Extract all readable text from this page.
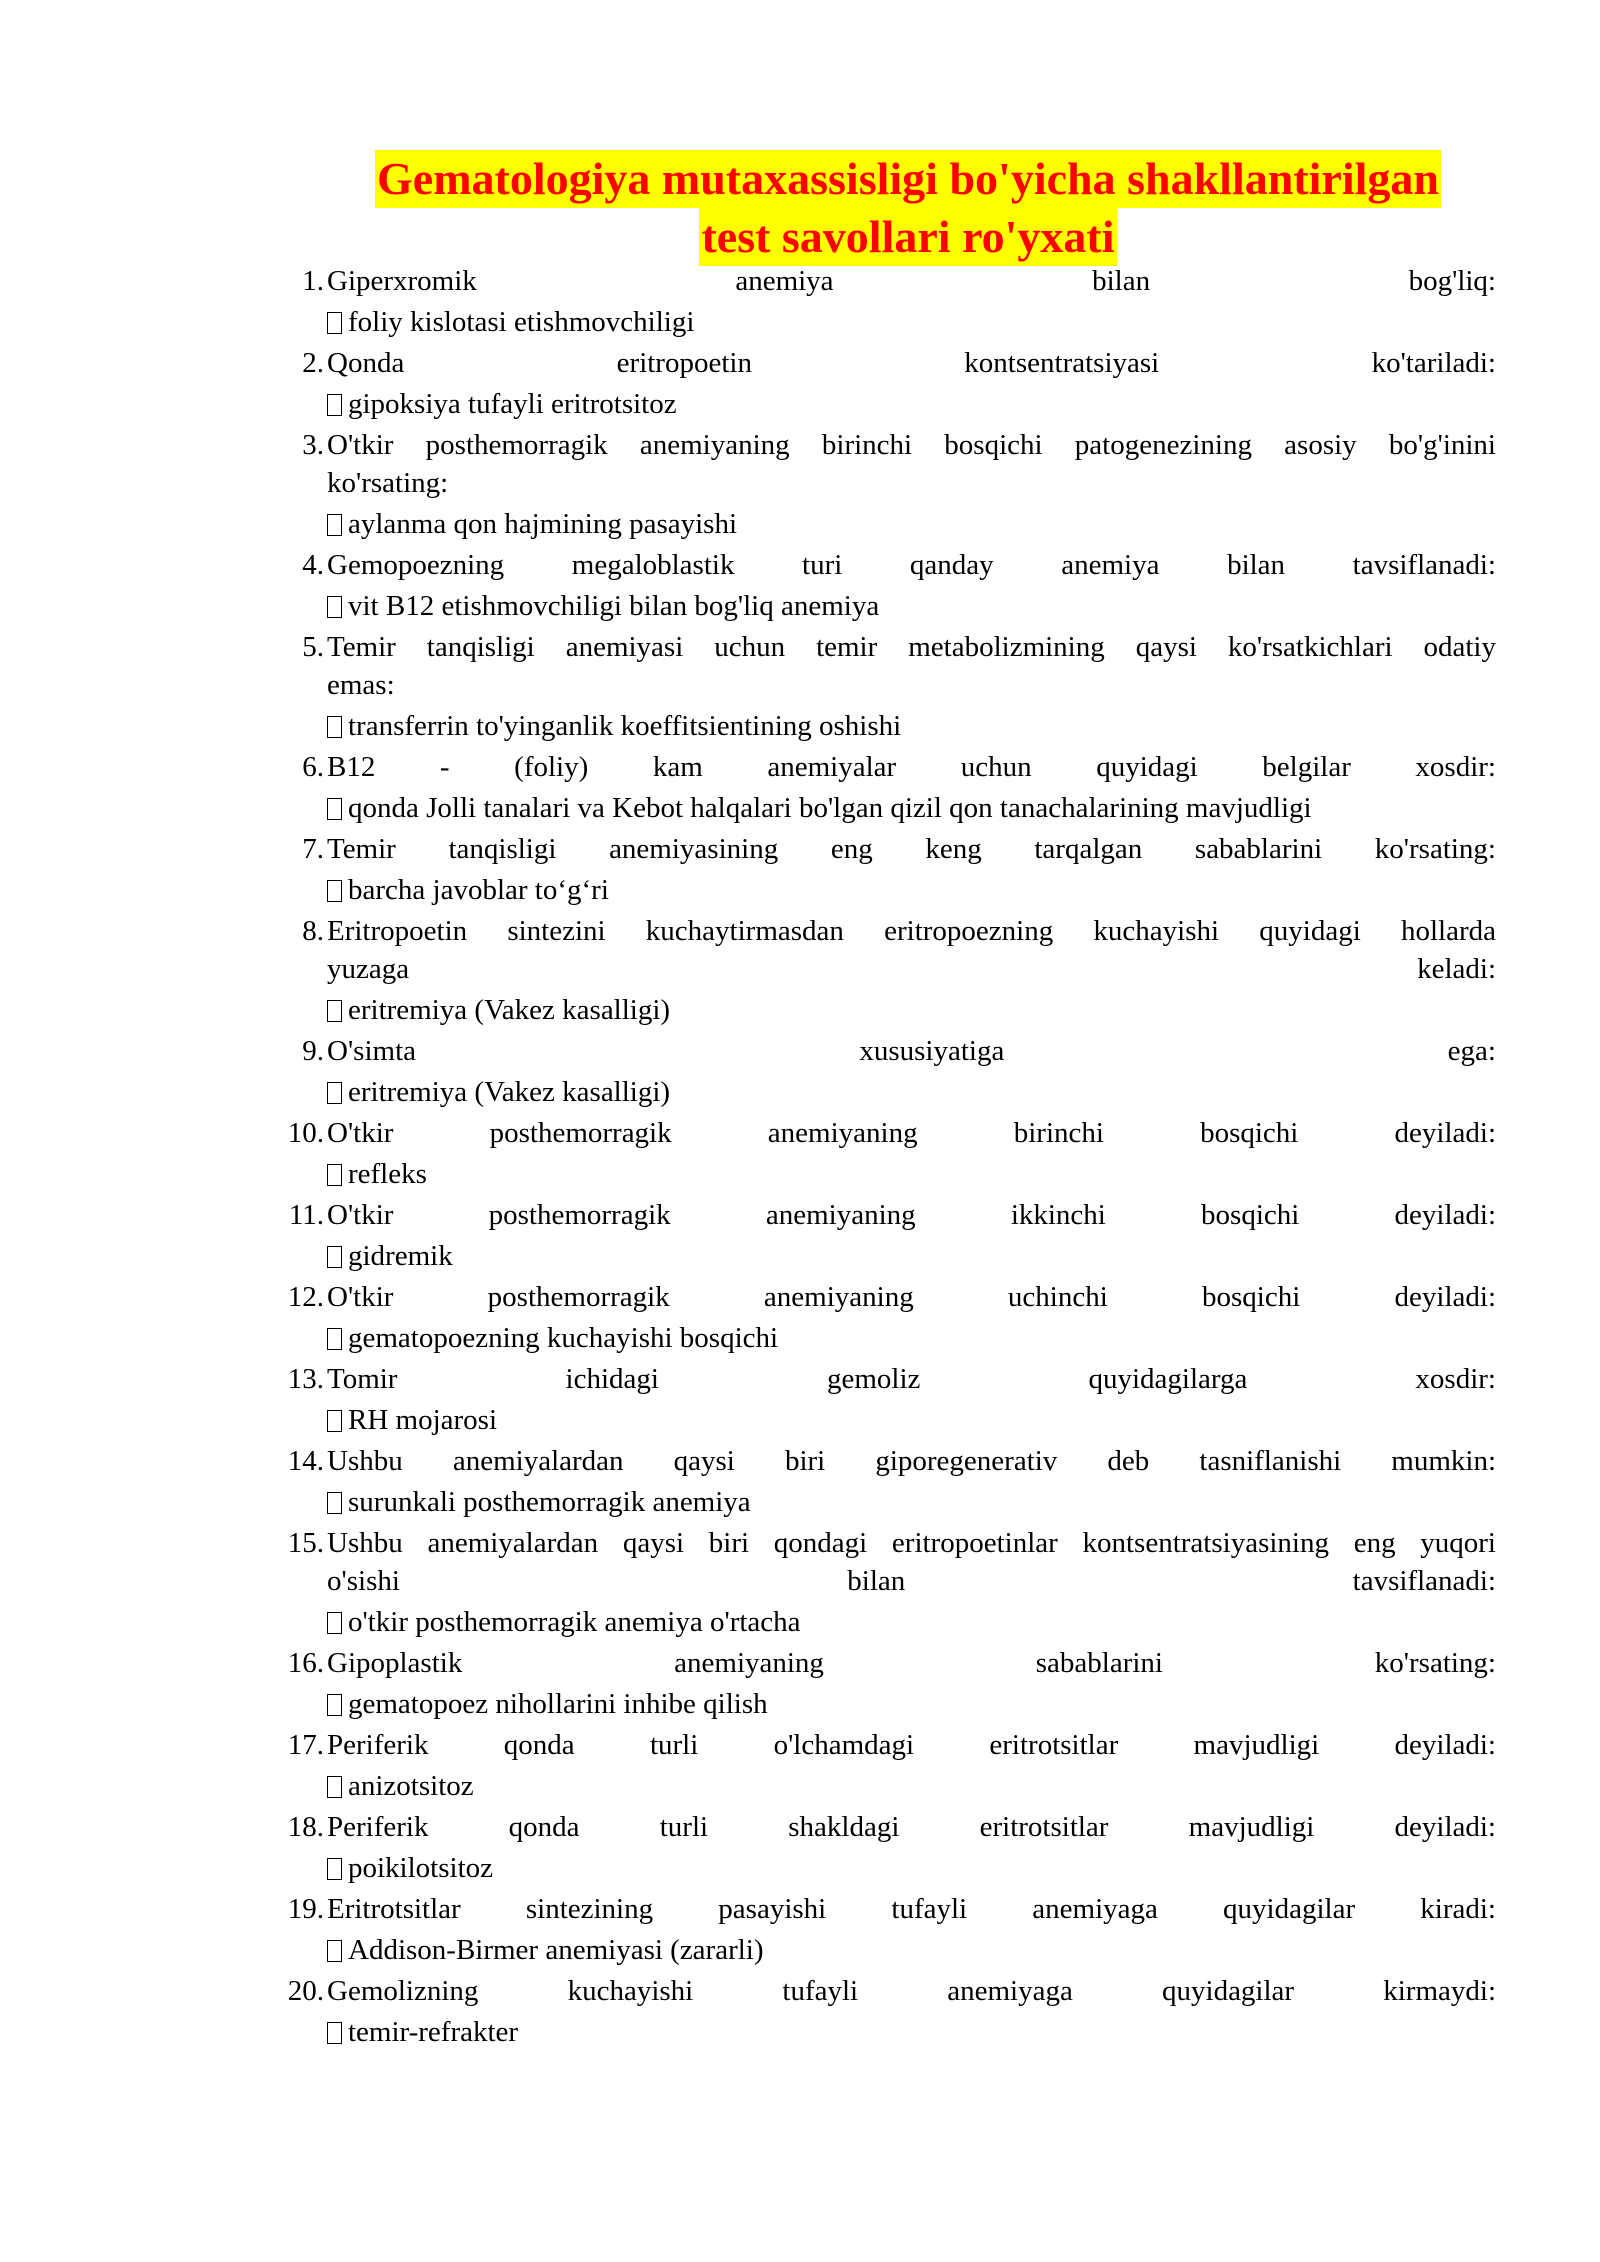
Gematologiya mutaxassisligi bo'yicha shakllantirilgan
test savollari ro'yxati
1. Giperxromik anemiya bilan bog'liq:
foliy kislotasi etishmovchiligi
2. Qonda eritropoetin kontsentratsiyasi ko'tariladi:
gipoksiya tufayli eritrotsitoz
3. O'tkir posthemorragik anemiyaning birinchi bosqichi patogenezining asosiy bo'g'inini
ko'rsating:
aylanma qon hajmining pasayishi
4. Gemopoezning megaloblastik turi qanday anemiya bilan tavsiflanadi:
vit B12 etishmovchiligi bilan bog'liq anemiya
5. Temir tanqisligi anemiyasi uchun temir metabolizmining qaysi ko'rsatkichlari odatiy
emas:
transferrin to'yinganlik koeffitsientining oshishi
6. B12 - (foliy) kam anemiyalar uchun quyidagi belgilar xosdir:
qonda Jolli tanalari va Kebot halqalari bo'lgan qizil qon tanachalarining mavjudligi
7. Temir tanqisligi anemiyasining eng keng tarqalgan sabablarini ko'rsating:
barcha javoblar to‘g‘ri
8. Eritropoetin sintezini kuchaytirmasdan eritropoezning kuchayishi quyidagi hollarda
yuzaga keladi:
eritremiya (Vakez kasalligi)
9. O'simta xususiyatiga ega:
eritremiya (Vakez kasalligi)
10. O'tkir posthemorragik anemiyaning birinchi bosqichi deyiladi:
refleks
11. O'tkir posthemorragik anemiyaning ikkinchi bosqichi deyiladi:
gidremik
12. O'tkir posthemorragik anemiyaning uchinchi bosqichi deyiladi:
gematopoezning kuchayishi bosqichi
13. Tomir ichidagi gemoliz quyidagilarga xosdir:
RH mojarosi
14. Ushbu anemiyalardan qaysi biri giporegenerativ deb tasniflanishi mumkin:
surunkali posthemorragik anemiya
15. Ushbu anemiyalardan qaysi biri qondagi eritropoetinlar kontsentratsiyasining eng yuqori
o'sishi bilan tavsiflanadi:
o'tkir posthemorragik anemiya o'rtacha
16. Gipoplastik anemiyaning sabablarini ko'rsating:
gematopoez nihollarini inhibe qilish
17. Periferik qonda turli o'lchamdagi eritrotsitlar mavjudligi deyiladi:
anizotsitoz
18. Periferik qonda turli shakldagi eritrotsitlar mavjudligi deyiladi:
poikilotsitoz
19. Eritrotsitlar sintezining pasayishi tufayli anemiyaga quyidagilar kiradi:
Addison-Birmer anemiyasi (zararli)
20. Gemolizning kuchayishi tufayli anemiyaga quyidagilar kirmaydi:
temir-refrakter
